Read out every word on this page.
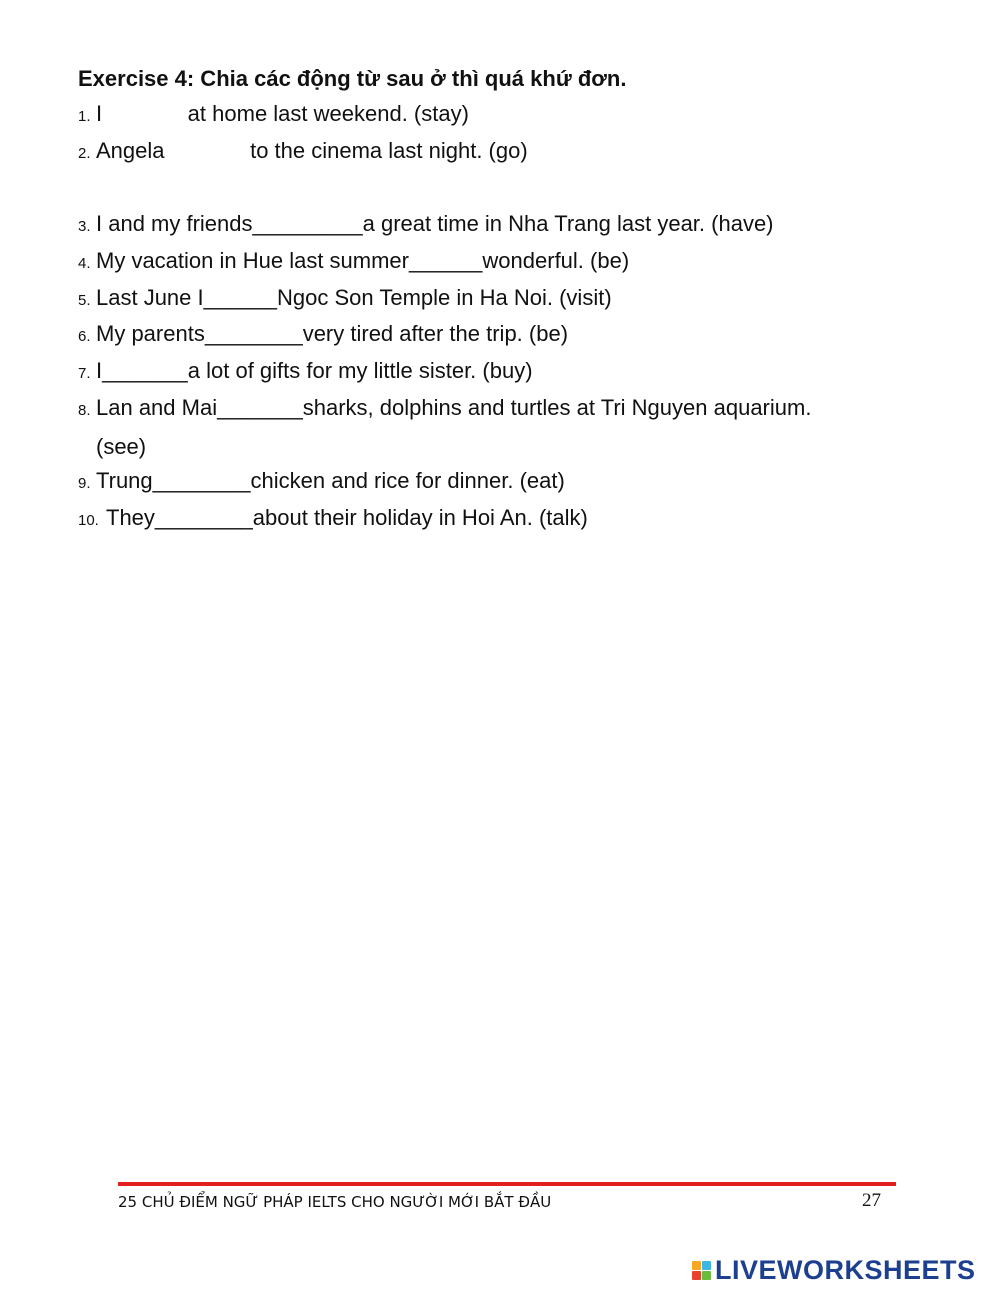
Exercise 4: Chia các động từ sau ở thì quá khứ đơn.
1. I              at home last weekend. (stay)
2. Angela              to the cinema last night. (go)
3. I and my friends_________a great time in Nha Trang last year. (have)
4. My vacation in Hue last summer______wonderful. (be)
5. Last June I______Ngoc Son Temple in Ha Noi. (visit)
6. My parents________very tired after the trip. (be)
7. I_______a lot of gifts for my little sister. (buy)
8. Lan and Mai_______sharks, dolphins and turtles at Tri Nguyen aquarium.
(see)
9. Trung________chicken and rice for dinner. (eat)
10. They________about their holiday in Hoi An. (talk)
25 CHỦ ĐIỂM NGỮ PHÁP IELTS CHO NGƯỜI MỚI BẮT ĐẦU	27
LIVEWORKSHEETS
